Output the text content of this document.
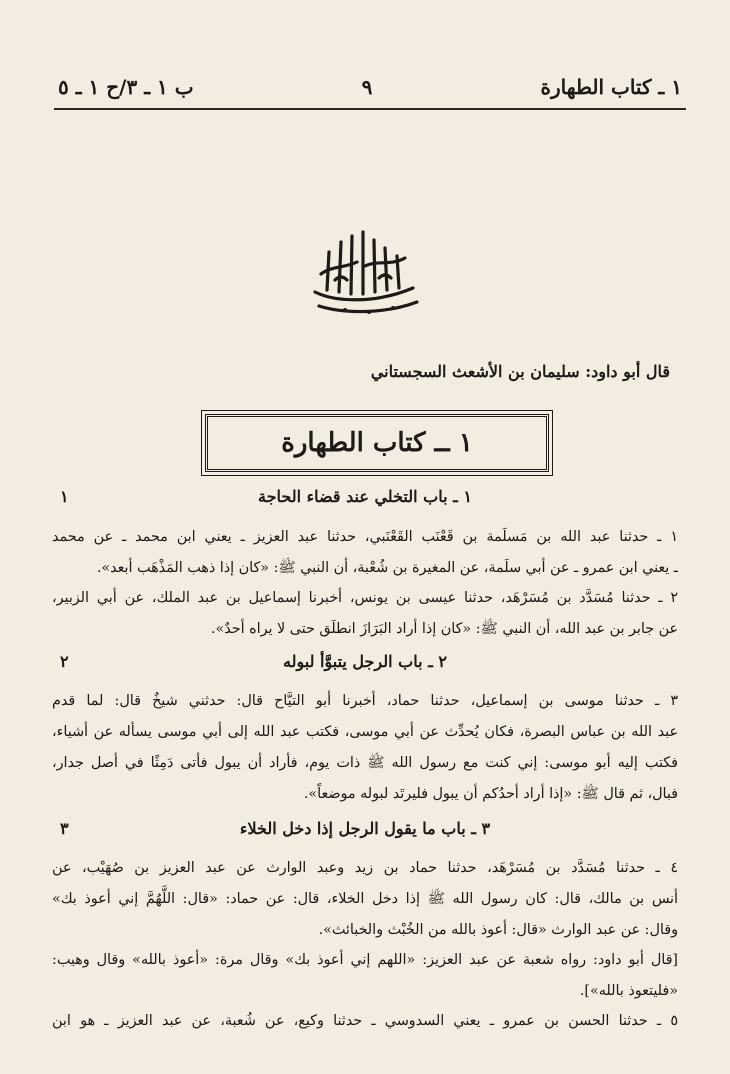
ب ١ ـ ٣/ح ١ ـ ٥	٩	١ ـ كتاب الطهارة
قال أبو داود: سليمان بن الأشعث السجستاني
١ ــ كتاب الطهارة
١ ـ باب التخلي عند قضاء الحاجة
١
١ ـ حدثنا عبد الله بن مَسلَمة بن قَعْنَب القَعْنَبي، حدثنا عبد العزيز ـ يعني ابن محمد ـ عن محمد
ـ يعني ابن عمرو ـ عن أبي سلَمة، عن المغيرة بن شُعْبة، أن النبي ﷺ: «كان إذا ذهب المَذْهَب أبعد».
٢ ـ حدثنا مُسَدَّد بن مُسَرْهَد، حدثنا عيسى بن يونس، أخبرنا إسماعيل بن عبد الملك، عن أبي الزبير،
عن جابر بن عبد الله، أن النبي ﷺ: «كان إذا أراد البَرَازَ انطلَق حتى لا يراه أحدٌ».
٢ ـ باب الرجل يتبوَّأ لبوله
٢
٣ ـ حدثنا موسى بن إسماعيل، حدثنا حماد، أخبرنا أبو التيَّاح قال: حدثني شيخٌ قال: لما قدم
عبد الله بن عباس البصرة، فكان يُحدِّث عن أبي موسى، فكتب عبد الله إلى أبي موسى يسأله عن أشياء،
فكتب إليه أبو موسى: إني كنت مع رسول الله ﷺ ذات يوم، فأراد أن يبول فأتى دَمِثًا في أصل جدار،
فبال، ثم قال ﷺ: «إذا أراد أحدُكم أن يبول فليرتَد لبوله موضعاً».
٣ ـ باب ما يقول الرجل إذا دخل الخلاء
٣
٤ ـ حدثنا مُسَدَّد بن مُسَرْهَد، حدثنا حماد بن زيد وعبد الوارث عن عبد العزيز بن صُهَيْب، عن
أنس بن مالك، قال: كان رسول الله ﷺ إذا دخل الخلاء، قال: عن حماد: «قال: اللَّهُمَّ إني أعوذ بك»
وقال: عن عبد الوارث «قال: أعوذ بالله من الخُبْث والخبائث».
[قال أبو داود: رواه شعبة عن عبد العزيز: «اللهم إني أعوذ بك» وقال مرة: «أعوذ بالله» وقال وهيب:
«فليتعوذ بالله»].
٥ ـ حدثنا الحسن بن عمرو ـ يعني السدوسي ـ حدثنا وكيع، عن شُعبة، عن عبد العزيز ـ هو ابن
